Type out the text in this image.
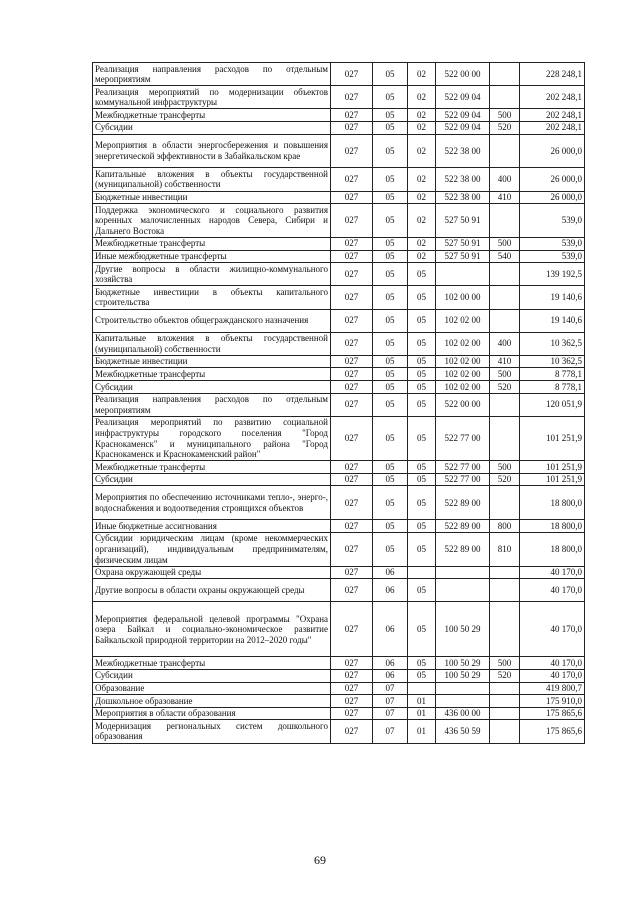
Реализация направления расходов по отдельным мероприятиям	027	05	02	522 00 00		228 248,1
Реализация мероприятий по модернизации объектов коммунальной инфраструктуры	027	05	02	522 09 04		202 248,1
Межбюджетные трансферты	027	05	02	522 09 04	500	202 248,1
Субсидии	027	05	02	522 09 04	520	202 248,1
Мероприятия в области энергосбережения и повышения энергетической эффективности в Забайкальском крае	027	05	02	522 38 00		26 000,0
Капитальные вложения в объекты государственной (муниципальной) собственности	027	05	02	522 38 00	400	26 000,0
Бюджетные инвестиции	027	05	02	522 38 00	410	26 000,0
Поддержка экономического и социального развития коренных малочисленных народов Севера, Сибири и Дальнего Востока	027	05	02	527 50 91		539,0
Межбюджетные трансферты	027	05	02	527 50 91	500	539,0
Иные межбюджетные трансферты	027	05	02	527 50 91	540	539,0
Другие вопросы в области жилищно-коммунального хозяйства	027	05	05			139 192,5
Бюджетные инвестиции в объекты капитального строительства	027	05	05	102 00 00		19 140,6
Строительство объектов общегражданского назначения	027	05	05	102 02 00		19 140,6
Капитальные вложения в объекты государственной (муниципальной) собственности	027	05	05	102 02 00	400	10 362,5
Бюджетные инвестиции	027	05	05	102 02 00	410	10 362,5
Межбюджетные трансферты	027	05	05	102 02 00	500	8 778,1
Субсидии	027	05	05	102 02 00	520	8 778,1
Реализация направления расходов по отдельным мероприятиям	027	05	05	522 00 00		120 051,9
Реализация мероприятий по развитию социальной инфраструктуры городского поселения "Город Краснокаменск" и муниципального района "Город Краснокаменск и Краснокаменский район"	027	05	05	522 77 00		101 251,9
Межбюджетные трансферты	027	05	05	522 77 00	500	101 251,9
Субсидии	027	05	05	522 77 00	520	101 251,9
Мероприятия по обеспечению источниками тепло-, энерго-, водоснабжения и водоотведения строящихся объектов	027	05	05	522 89 00		18 800,0
Иные бюджетные ассигнования	027	05	05	522 89 00	800	18 800,0
Субсидии юридическим лицам (кроме некоммерческих организаций), индивидуальным предпринимателям, физическим лицам	027	05	05	522 89 00	810	18 800,0
Охрана окружающей среды	027	06				40 170,0
Другие вопросы в области охраны окружающей среды	027	06	05			40 170,0
Мероприятия федеральной целевой программы "Охрана озера Байкал и социально-экономическое развитие Байкальской природной территории на 2012–2020 годы"	027	06	05	100 50 29		40 170,0
Межбюджетные трансферты	027	06	05	100 50 29	500	40 170,0
Субсидии	027	06	05	100 50 29	520	40 170,0
Образование	027	07				419 800,7
Дошкольное образование	027	07	01			175 910,0
Мероприятия в области образования	027	07	01	436 00 00		175 865,6
Модернизация региональных систем дошкольного образования	027	07	01	436 50 59		175 865,6
69
